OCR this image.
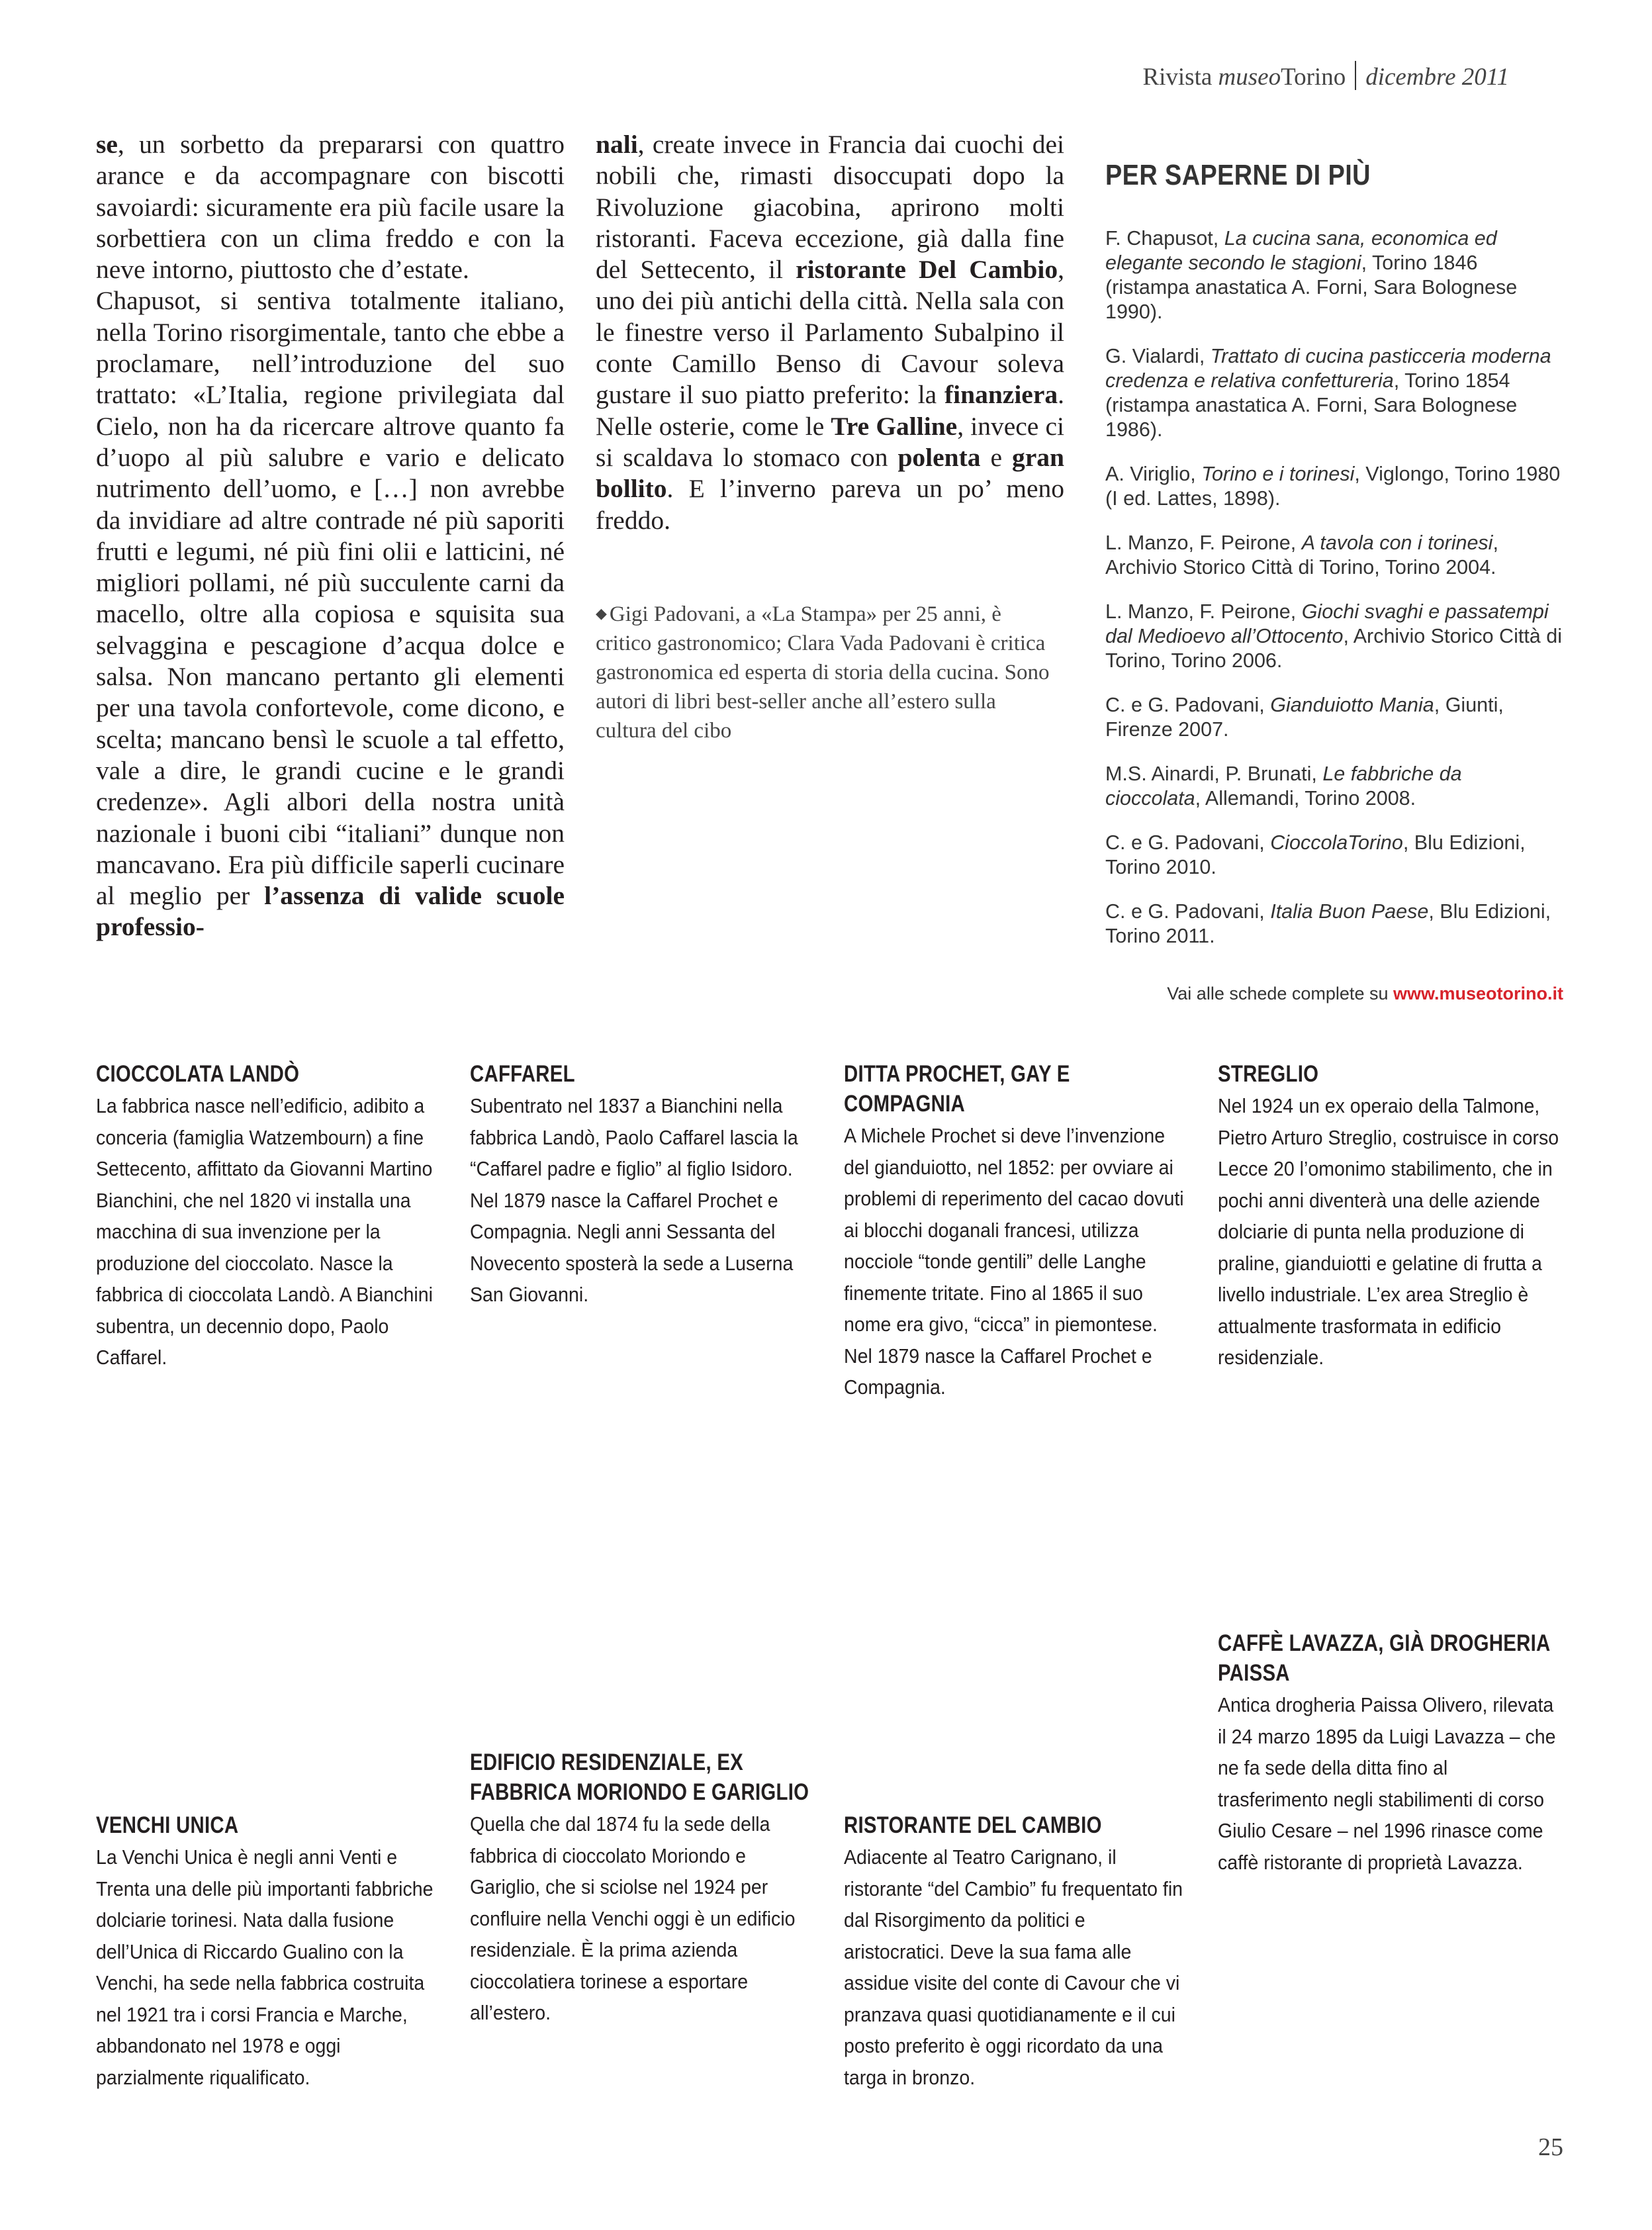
Rivista museoTorino dicembre 2011

se, un sorbetto da prepararsi con quattro arance e da accompagnare con biscotti savoiardi: sicuramente era più facile usare la sorbettiera con un clima freddo e con la neve intorno, piuttosto che d’estate.

Chapusot, si sentiva totalmente italiano, nella Torino risorgimentale, tanto che ebbe a proclamare, nell’introduzione del suo trattato: «L’Italia, regione privilegiata dal Cielo, non ha da ricercare altrove quanto fa d’uopo al più salubre e vario e delicato nutrimento dell’uomo, e […] non avrebbe da invidiare ad altre contrade né più saporiti frutti e legumi, né più fini olii e latticini, né migliori pollami, né più succulente carni da macello, oltre alla copiosa e squisita sua selvaggina e pescagione d’acqua dolce e salsa. Non mancano pertanto gli elementi per una tavola confortevole, come dicono, e scelta; mancano bensì le scuole a tal effetto, vale a dire, le grandi cucine e le grandi credenze». Agli albori della nostra unità nazionale i buoni cibi “italiani” dunque non mancavano. Era più difficile saperli cucinare al meglio per l’assenza di valide scuole professio-

nali, create invece in Francia dai cuochi dei nobili che, rimasti disoccupati dopo la Rivoluzione giacobina, aprirono molti ristoranti. Faceva eccezione, già dalla fine del Settecento, il ristorante Del Cambio, uno dei più antichi della città. Nella sala con le finestre verso il Parlamento Subalpino il conte Camillo Benso di Cavour soleva gustare il suo piatto preferito: la finanziera. Nelle osterie, come le Tre Galline, invece ci si scaldava lo stomaco con polenta e gran bollito. E l’inverno pareva un po’ meno freddo.

◆ Gigi Padovani, a «La Stampa» per 25 anni, è critico gastronomico; Clara Vada Padovani è critica gastronomica ed esperta di storia della cucina. Sono autori di libri best-seller anche all’estero sulla cultura del cibo
PER SAPERNE DI PIÙ
F. Chapusot, La cucina sana, economica ed elegante secondo le stagioni, Torino 1846 (ristampa anastatica A. Forni, Sara Bolognese 1990).
G. Vialardi, Trattato di cucina pasticceria moderna credenza e relativa confettureria, Torino 1854 (ristampa anastatica A. Forni, Sara Bolognese 1986).
A. Viriglio, Torino e i torinesi, Viglongo, Torino 1980 (I ed. Lattes, 1898).
L. Manzo, F. Peirone, A tavola con i torinesi, Archivio Storico Città di Torino, Torino 2004.
L. Manzo, F. Peirone, Giochi svaghi e passatempi dal Medioevo all’Ottocento, Archivio Storico Città di Torino, Torino 2006.
C. e G. Padovani, Gianduiotto Mania, Giunti, Firenze 2007.
M.S. Ainardi, P. Brunati, Le fabbriche da cioccolata, Allemandi, Torino 2008.
C. e G. Padovani, CioccolaTorino, Blu Edizioni, Torino 2010.
C. e G. Padovani, Italia Buon Paese, Blu Edizioni, Torino 2011.
Vai alle schede complete su www.museotorino.it
CIOCCOLATA LANDÒ
La fabbrica nasce nell’edificio, adibito a conceria (famiglia Watzembourn) a fine Settecento, affittato da Giovanni Martino Bianchini, che nel 1820 vi installa una macchina di sua invenzione per la produzione del cioccolato. Nasce la fabbrica di cioccolata Landò. A Bianchini subentra, un decennio dopo, Paolo Caffarel.
CAFFAREL
Subentrato nel 1837 a Bianchini nella fabbrica Landò, Paolo Caffarel lascia la “Caffarel padre e figlio” al figlio Isidoro. Nel 1879 nasce la Caffarel Prochet e Compagnia. Negli anni Sessanta del Novecento sposterà la sede a Luserna San Giovanni.
DITTA PROCHET, GAY E COMPAGNIA
A Michele Prochet si deve l’invenzione del gianduiotto, nel 1852: per ovviare ai problemi di reperimento del cacao dovuti ai blocchi doganali francesi, utilizza nocciole “tonde gentili” delle Langhe finemente tritate. Fino al 1865 il suo nome era givo, “cicca” in piemontese. Nel 1879 nasce la Caffarel Prochet e Compagnia.
STREGLIO
Nel 1924 un ex operaio della Talmone, Pietro Arturo Streglio, costruisce in corso Lecce 20 l’omonimo stabilimento, che in pochi anni diventerà una delle aziende dolciarie di punta nella produzione di praline, gianduiotti e gelatine di frutta a livello industriale. L’ex area Streglio è attualmente trasformata in edificio residenziale.
VENCHI UNICA
La Venchi Unica è negli anni Venti e Trenta una delle più importanti fabbriche dolciarie torinesi. Nata dalla fusione dell’Unica di Riccardo Gualino con la Venchi, ha sede nella fabbrica costruita nel 1921 tra i corsi Francia e Marche, abbandonato nel 1978 e oggi parzialmente riqualificato.
EDIFICIO RESIDENZIALE, EX FABBRICA MORIONDO E GARIGLIO
Quella che dal 1874 fu la sede della fabbrica di cioccolato Moriondo e Gariglio, che si sciolse nel 1924 per confluire nella Venchi oggi è un edificio residenziale. È la prima azienda cioccolatiera torinese a esportare all’estero.
RISTORANTE DEL CAMBIO
Adiacente al Teatro Carignano, il ristorante “del Cambio” fu frequentato fin dal Risorgimento da politici e aristocratici. Deve la sua fama alle assidue visite del conte di Cavour che vi pranzava quasi quotidianamente e il cui posto preferito è oggi ricordato da una targa in bronzo.
CAFFÈ LAVAZZA, GIÀ DROGHERIA PAISSA
Antica drogheria Paissa Olivero, rilevata il 24 marzo 1895 da Luigi Lavazza – che ne fa sede della ditta fino al trasferimento negli stabilimenti di corso Giulio Cesare – nel 1996 rinasce come caffè ristorante di proprietà Lavazza.
25
